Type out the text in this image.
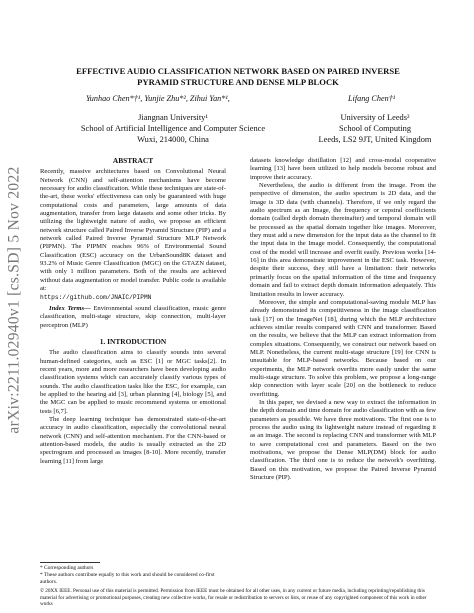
arXiv:2211.02940v1 [cs.SD] 5 Nov 2022
EFFECTIVE AUDIO CLASSIFICATION NETWORK BASED ON PAIRED INVERSE
PYRAMID STRUCTURE AND DENSE MLP BLOCK
Yunhao Chen*†¹, Yunjie Zhu*², Zihui Yan*¹,	Lifang Chen†¹
Jiangnan University¹
School of Artificial Intelligence and Computer Science
Wuxi, 214000, China
University of Leeds²
School of Computing
Leeds, LS2 9JT, United Kingdom
ABSTRACT

Recently, massive architectures based on Convolutional Neural Network (CNN) and self-attention mechanisms have become necessary for audio classification. While these techniques are state-of-the-art, these works' effectiveness can only be guaranteed with huge computational costs and parameters, large amounts of data augmentation, transfer from large datasets and some other tricks. By utilizing the lightweight nature of audio, we propose an efficient network structure called Paired Inverse Pyramid Structure (PIP) and a network called Paired Inverse Pyramid Structure MLP Network (PIPMN). The PIPMN reaches 96% of Environmental Sound Classification (ESC) accuracy on the UrbanSound8K dataset and 93.2% of Music Genre Classification (MGC) on the GTAZN dataset, with only 1 million parameters. Both of the results are achieved without data augmentation or model transfer. Public code is available at:
https://github.com/JNAIC/PIPMN

Index Terms— Environmental sound classification, music genre classification, multi-stage structure, skip connection, multi-layer perceptron (MLP)

1. INTRODUCTION

The audio classification aims to classify sounds into several human-defined categories, such as ESC [1] or MGC tasks[2]. In recent years, more and more researchers have been developing audio classification systems which can accurately classify various types of sounds. The audio classification tasks like the ESC, for example, can be applied to the hearing aid [3], urban planning [4], biology [5], and the MGC can be applied to music recommend systems or emotional tests [6,7].

The deep learning technique has demonstrated state-of-the-art accuracy in audio classification, especially the convolutional neural network (CNN) and self-attention mechanism. For the CNN-based or attention-based models, the audio is usually extracted as the 2D spectrogram and processed as images [8-10]. More recently, transfer learning [11] from large

datasets knowledge distillation [12] and cross-modal cooperative learning [13] have been utilized to help models become robust and improve their accuracy.

Nevertheless, the audio is different from the image. From the perspective of dimension, the audio spectrum is 2D data, and the image is 3D data (with channels). Therefore, if we only regard the audio spectrum as an Image, the frequency or cepstral coefficients domain (called depth domain thereinafter) and temporal domain will be processed as the spatial domain together like images. Moreover, they must add a new dimension for the input data as the channel to fit the input data in the Image model. Consequently, the computational cost of the model will increase and overfit easily. Previous works [14-16] in this area demonstrate improvement in the ESC task. However, despite their success, they still have a limitation: their networks primarily focus on the spatial information of the time and frequency domain and fail to extract depth domain information adequately. This limitation results in lower accuracy.

Moreover, the simple and computational-saving module MLP has already demonstrated its competitiveness in the image classification task [17] on the ImageNet [18], during which the MLP architecture achieves similar results compared with CNN and transformer. Based on the results, we believe that the MLP can extract information from complex situations. Consequently, we construct our network based on MLP. Nonetheless, the current multi-stage structure [19] for CNN is unsuitable for MLP-based networks. Because based on our experiments, the MLP network overfits more easily under the same multi-stage structure. To solve this problem, we propose a long-range skip connection with layer scale [20] on the bottleneck to reduce overfitting.

In this paper, we devised a new way to extract the information in the depth domain and time domain for audio classification with as few parameters as possible. We have three motivations. The first one is to process the audio using its lightweight nature instead of regarding it as an image. The second is replacing CNN and transformer with MLP to save computational cost and parameters. Based on the two motivations, we propose the Dense MLP(DM) block for audio classification. The third one is to reduce the network's overfitting. Based on this motivation, we propose the Paired Inverse Pyramid Structure (PIP).

* Corresponding authors
* These authors contribute equally to this work and should be considered co-first authors.
© 20XX IEEE. Personal use of this material is permitted. Permission from IEEE must be obtained for all other uses, in any current or future media, including reprinting/republishing this material for advertising or promotional purposes, creating new collective works, for resale or redistribution to servers or lists, or reuse of any copyrighted component of this work in other works
